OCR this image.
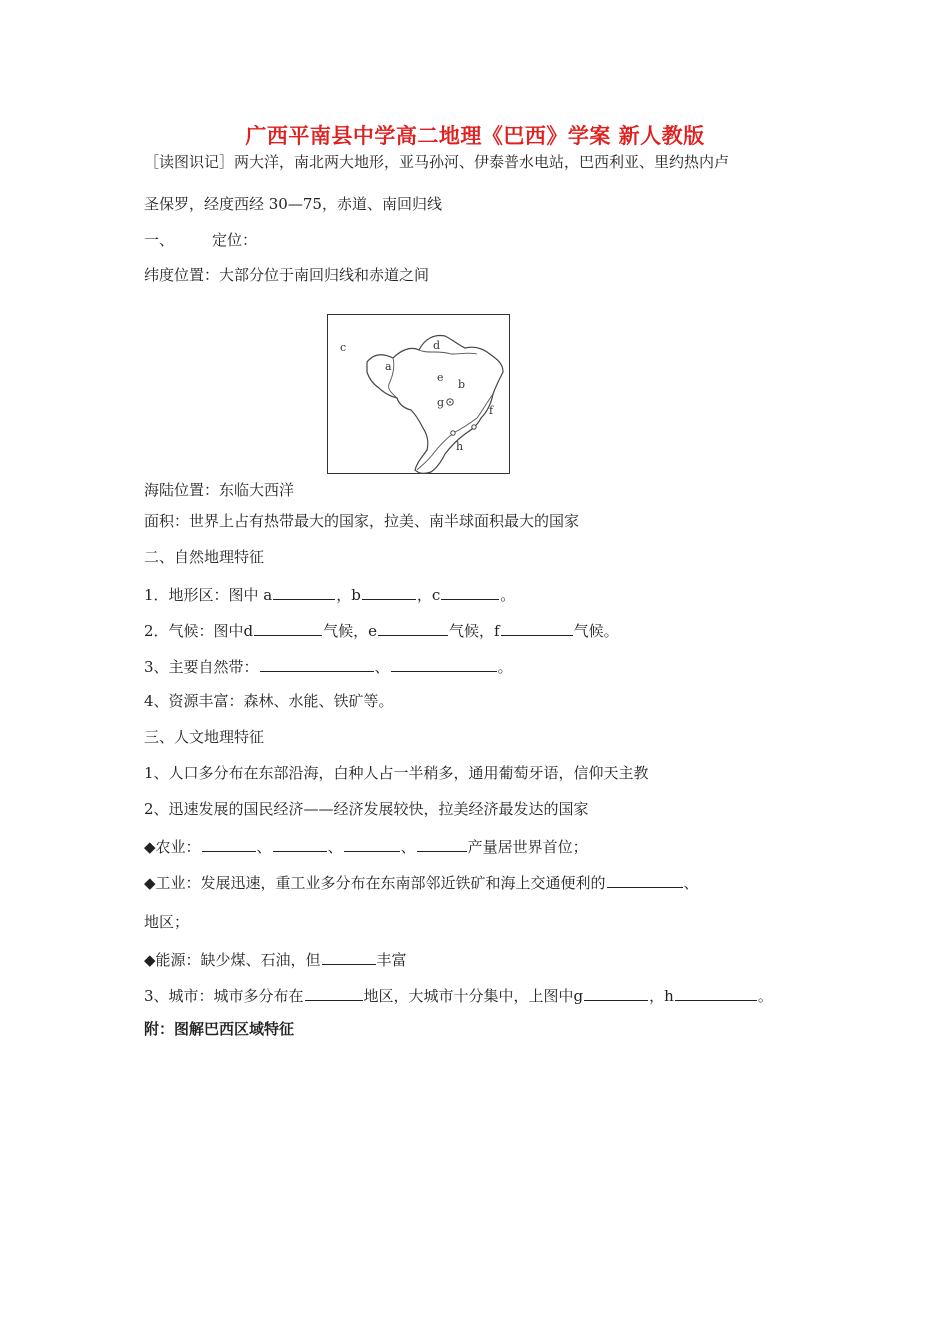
广西平南县中学高二地理《巴西》学案 新人教版
［读图识记］两大洋，南北两大地形，亚马孙河、伊泰普水电站，巴西利亚、里约热内卢
圣保罗，经度西经 30—75，赤道、南回归线
一、	定位：
纬度位置：大部分位于南回归线和赤道之间
c
a
d
e
b
g
f
h
海陆位置：东临大西洋
面积：世界上占有热带最大的国家，拉美、南半球面积最大的国家
二、自然地理特征
1．地形区：图中 a	，b	，c	。
2．气候：图中d	气候，e	气候，f	气候。
3、主要自然带：	、	。
4、资源丰富：森林、水能、铁矿等。
三、人文地理特征
1、人口多分布在东部沿海，白种人占一半稍多，通用葡萄牙语，信仰天主教
2、迅速发展的国民经济——经济发展较快，拉美经济最发达的国家
◆农业：	、	、	、	产量居世界首位；
◆工业：发展迅速，重工业多分布在东南部邻近铁矿和海上交通便利的	、
地区；
◆能源：缺少煤、石油，但	丰富
3、城市：城市多分布在	地区，大城市十分集中，上图中g	，h	。
附：图解巴西区域特征
